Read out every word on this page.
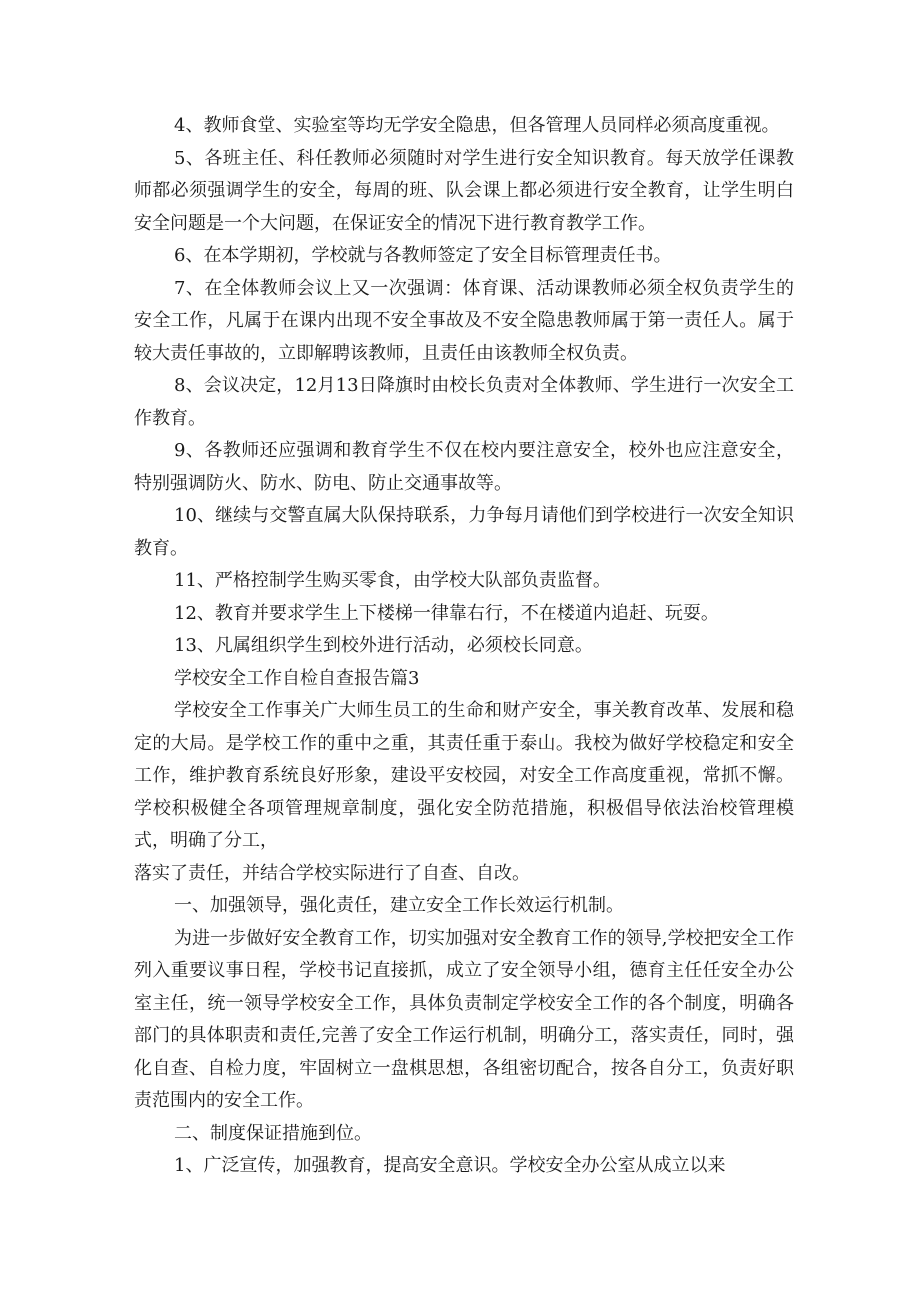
4、教师食堂、实验室等均无学安全隐患，但各管理人员同样必须高度重视。

5、各班主任、科任教师必须随时对学生进行安全知识教育。每天放学任课教师都必须强调学生的安全，每周的班、队会课上都必须进行安全教育，让学生明白安全问题是一个大问题，在保证安全的情况下进行教育教学工作。

6、在本学期初，学校就与各教师签定了安全目标管理责任书。

7、在全体教师会议上又一次强调：体育课、活动课教师必须全权负责学生的安全工作，凡属于在课内出现不安全事故及不安全隐患教师属于第一责任人。属于较大责任事故的，立即解聘该教师，且责任由该教师全权负责。

8、会议决定，12月13日降旗时由校长负责对全体教师、学生进行一次安全工作教育。

9、各教师还应强调和教育学生不仅在校内要注意安全，校外也应注意安全，特别强调防火、防水、防电、防止交通事故等。

10、继续与交警直属大队保持联系，力争每月请他们到学校进行一次安全知识教育。

11、严格控制学生购买零食，由学校大队部负责监督。

12、教育并要求学生上下楼梯一律靠右行，不在楼道内追赶、玩耍。

13、凡属组织学生到校外进行活动，必须校长同意。

学校安全工作自检自查报告篇3

学校安全工作事关广大师生员工的生命和财产安全，事关教育改革、发展和稳定的大局。是学校工作的重中之重，其责任重于泰山。我校为做好学校稳定和安全工作，维护教育系统良好形象，建设平安校园，对安全工作高度重视，常抓不懈。学校积极健全各项管理规章制度，强化安全防范措施，积极倡导依法治校管理模式，明确了分工，

落实了责任，并结合学校实际进行了自查、自改。

一、加强领导，强化责任，建立安全工作长效运行机制。

为进一步做好安全教育工作，切实加强对安全教育工作的领导,学校把安全工作列入重要议事日程，学校书记直接抓，成立了安全领导小组，德育主任任安全办公室主任，统一领导学校安全工作，具体负责制定学校安全工作的各个制度，明确各部门的具体职责和责任,完善了安全工作运行机制，明确分工，落实责任，同时，强化自查、自检力度，牢固树立一盘棋思想，各组密切配合，按各自分工，负责好职责范围内的安全工作。

二、制度保证措施到位。

1、广泛宣传，加强教育，提高安全意识。学校安全办公室从成立以来
